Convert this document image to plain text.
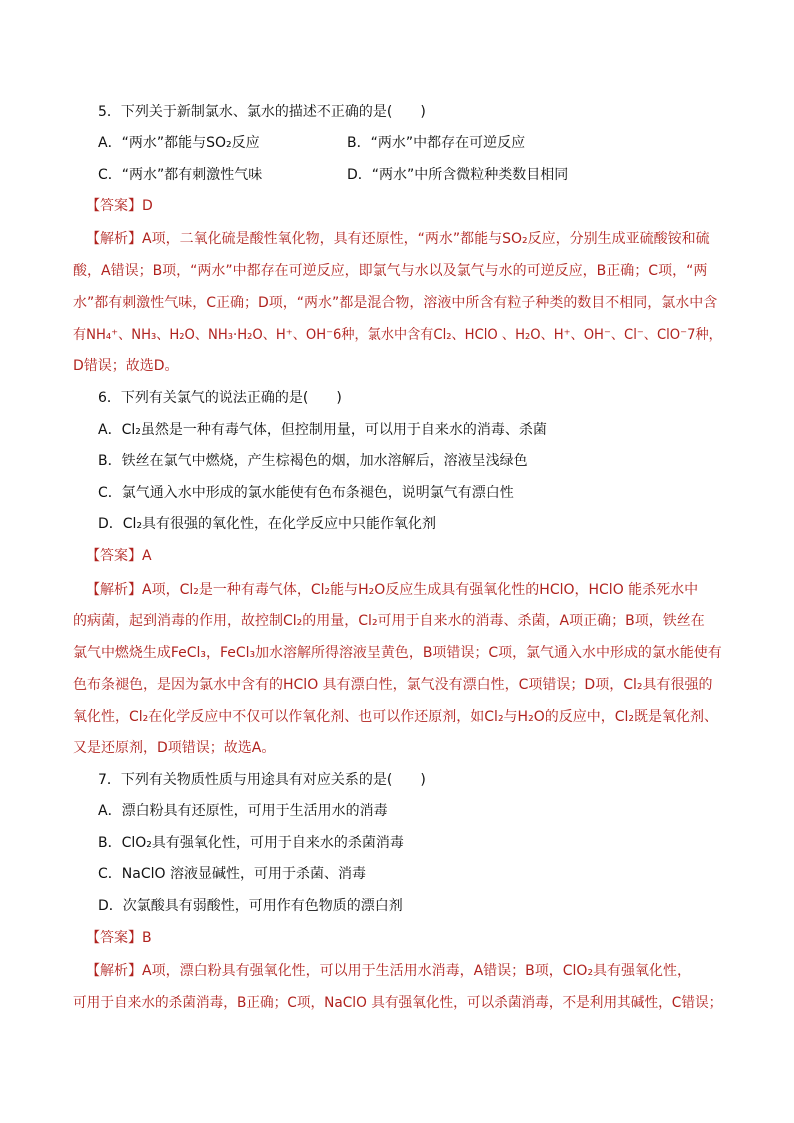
5．下列关于新制氯水、氯水的描述不正确的是(　　)
A．“两水”都能与SO₂反应	B．“两水”中都存在可逆反应
C．“两水”都有刺激性气味	D．“两水”中所含微粒种类数目相同
【答案】D
【解析】A项，二氧化硫是酸性氧化物，具有还原性，“两水”都能与SO₂反应，分别生成亚硫酸铵和硫
酸，A错误；B项，“两水”中都存在可逆反应，即氯气与水以及氯气与水的可逆反应，B正确；C项，“两
水”都有刺激性气味，C正确；D项，“两水”都是混合物，溶液中所含有粒子种类的数目不相同，氯水中含
有NH₄⁺、NH₃、H₂O、NH₃·H₂O、H⁺、OH⁻6种，氯水中含有Cl₂、HClO 、H₂O、H⁺、OH⁻、Cl⁻、ClO⁻7种，
D错误；故选D。
6．下列有关氯气的说法正确的是(　　)
A．Cl₂虽然是一种有毒气体，但控制用量，可以用于自来水的消毒、杀菌
B．铁丝在氯气中燃烧，产生棕褐色的烟，加水溶解后，溶液呈浅绿色
C．氯气通入水中形成的氯水能使有色布条褪色，说明氯气有漂白性
D．Cl₂具有很强的氧化性，在化学反应中只能作氧化剂
【答案】A
【解析】A项，Cl₂是一种有毒气体，Cl₂能与H₂O反应生成具有强氧化性的HClO，HClO 能杀死水中
的病菌，起到消毒的作用，故控制Cl₂的用量，Cl₂可用于自来水的消毒、杀菌，A项正确；B项，铁丝在
氯气中燃烧生成FeCl₃，FeCl₃加水溶解所得溶液呈黄色，B项错误；C项，氯气通入水中形成的氯水能使有
色布条褪色，是因为氯水中含有的HClO 具有漂白性，氯气没有漂白性，C项错误；D项，Cl₂具有很强的
氧化性，Cl₂在化学反应中不仅可以作氧化剂、也可以作还原剂，如Cl₂与H₂O的反应中，Cl₂既是氧化剂、
又是还原剂，D项错误；故选A。
7．下列有关物质性质与用途具有对应关系的是(　　)
A．漂白粉具有还原性，可用于生活用水的消毒
B．ClO₂具有强氧化性，可用于自来水的杀菌消毒
C．NaClO 溶液显碱性，可用于杀菌、消毒
D．次氯酸具有弱酸性，可用作有色物质的漂白剂
【答案】B
【解析】A项，漂白粉具有强氧化性，可以用于生活用水消毒，A错误；B项，ClO₂具有强氧化性，
可用于自来水的杀菌消毒，B正确；C项，NaClO 具有强氧化性，可以杀菌消毒，不是利用其碱性，C错误；
